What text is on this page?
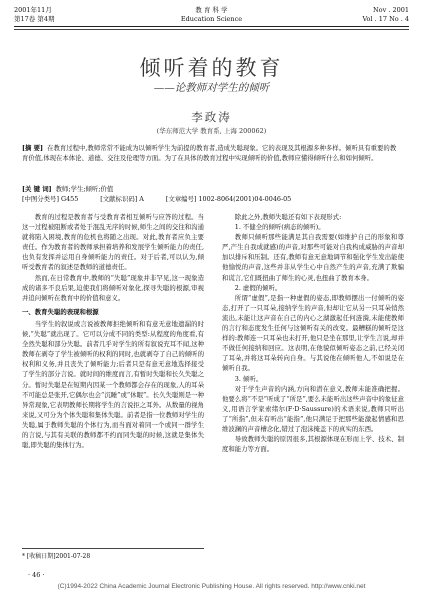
2001年11月
第17卷 第4期
教 育 科 学
Education Science
Nov . 2001
Vol . 17 No . 4
倾听着的教育
——论教师对学生的倾听
李政涛
(华东师范大学 教育系, 上海 200062)
[摘 要] 在教育过程中,教师常常不能成为以倾听学生为前提的教育者,造成失聪现象。它的表现及其根源多种多样。倾听具有重要的教育价值,体现在本体论、道德、交往及伦理等方面。为了在具体的教育过程中实现倾听的价值,教师应懂得倾听什么和如何倾听。
[关 键 词] 教师;学生;倾听;价值
[中图分类号] G455	[文献标识码] A	[文章编号] 1002-8064(2001)04-0046-05

教育的过程是教育者与受教育者相互倾听与应答的过程。当这一过程被阻断或者处于混乱无序的时候,师生之间的交往和沟通就将陷入困境,教育的危机也将随之出现。对此,教育者应负主要责任。作为教育者的教师承担着培养和发展学生倾听能力的责任,也负有发挥并运用自身倾听能力的责任。对于后者,可以认为,倾听受教育者的叙述是教师的道德责任。

然而,在日常教育中,教师的“失聪”现象并非罕见,这一现象造成的诸多不良后果,迫使我们将倾听对象化,探寻失聪的根源,审视并追问倾听在教育中的价值和意义。

一、教育失聪的表现和根源

当学生的叙说或言说被教师拒绝倾听和有意无意地遗漏的时候,“失聪”就出现了。它可以分成不同的类型:从程度的角度看,有全然失聪和部分失聪。前者几乎对学生的所有叙说充耳不闻,这种教师在剥夺了学生被倾听的权利的同时,也就剥夺了自己的倾听的权利和义务,并且丧失了倾听能力;后者只是有意无意地选择接受了学生的部分言说。就时间的维度而言,有暂时失聪和长久失聪之分。暂时失聪是在短期内因某一个教师都会存在的现象,人的耳朵不可能总是张开,它偶尔也会“沉睡”或“休眠”。长久失聪则是一种异常现象,它表明教师长期将学生的言说拒之耳外。从数量的视角来说,又可分为个体失聪和集体失聪。前者是指一位教师对学生的失聪,属于教师失聪的个体行为,而当面对着同一个或同一群学生的言说,与其有关联的教师都不约而同失聪的时候,这就是集体失聪,即失聪的集体行为。

除此之外,教师失聪还有如下表现形式:

1. 不健全的倾听(病态的倾听)。

教师只倾听那些能满足其自我需要(如维护自己的形象和尊严,产生自我成就感)的声音,对那些可能对自我构成威胁的声音却加以排斥和压制。还有,教师有意无意地调节和强化学生发出能使他愉悦的声音,这些并非从学生心中自然产生的声音,充满了欺骗和谎言,它们既扭曲了师生的心灵,也扭曲了教育本身。

2. 虚假的倾听。

所谓“虚假”,是指一种虚假的姿态,即教师摆出一付倾听的姿态,打开了一只耳朵,接纳学生的声音,但却让它从另一只耳朵悄然流出,未能让这声音在自己的内心之湖激起任何涟漪,未能使教师的言行和态度发生任何与这倾听有关的改变。最糟糕的倾听是这样的:教师连一只耳朵也未打开,他只是坐在那里,让学生言说,却并不做任何接纳和回应。这表明,在他貌似倾听姿态之前,已经关闭了耳朵,并将这耳朵转向自身。与其说他在倾听他人,不如说是在倾听自我。

3. 倾听。

对于学生声音的内涵,方向和潜在意义,教师未能准确把握。他要么将“不是”听成了“所是”,要么未能听出这些声音中的象征意义,用语言学家索绪尔(F·D·Saussure)的术语来说,教师只听出了“所指”,但未有听出“能指”,他只满足于把那些能激起情感和思维波澜的声音槽念化,错过了泡沫掩盖下的真实的东西。

导致教师失聪的原因很多,其根源体现在形而上学、技术、制度和能力等方面。

* [收稿日期]2001-07-28
· 46 ·
(C)1994-2022 China Academic Journal Electronic Publishing House. All rights reserved. http://www.cnki.net
